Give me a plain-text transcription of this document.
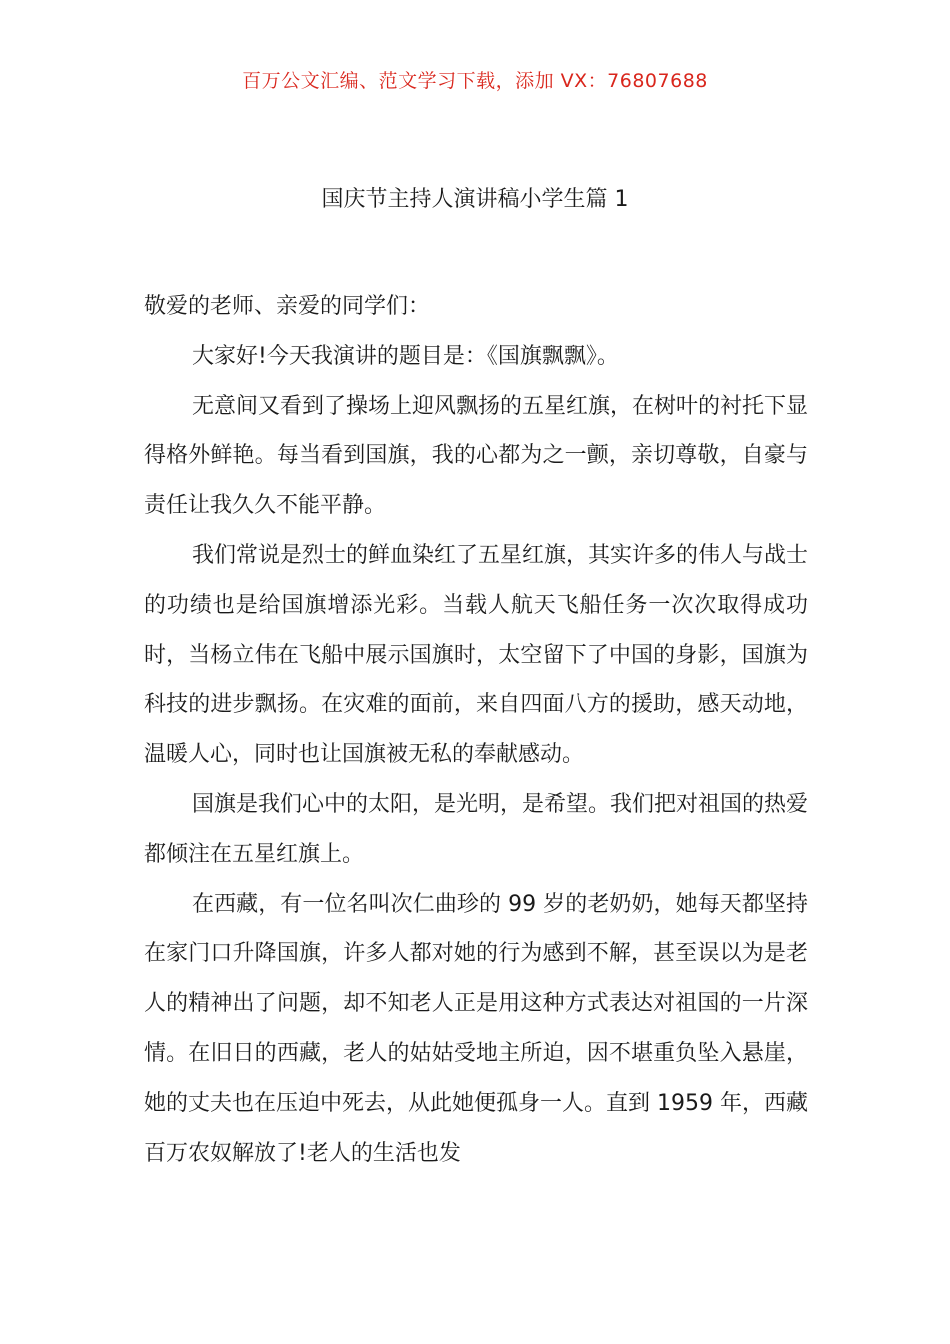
百万公文汇编、范文学习下载，添加 VX：76807688
国庆节主持人演讲稿小学生篇 1

敬爱的老师、亲爱的同学们：

大家好!今天我演讲的题目是：《国旗飘飘》。

无意间又看到了操场上迎风飘扬的五星红旗，在树叶的衬托下显得格外鲜艳。每当看到国旗，我的心都为之一颤，亲切尊敬，自豪与责任让我久久不能平静。

我们常说是烈士的鲜血染红了五星红旗，其实许多的伟人与战士的功绩也是给国旗增添光彩。当载人航天飞船任务一次次取得成功时，当杨立伟在飞船中展示国旗时，太空留下了中国的身影，国旗为科技的进步飘扬。在灾难的面前，来自四面八方的援助，感天动地，温暖人心，同时也让国旗被无私的奉献感动。

国旗是我们心中的太阳，是光明，是希望。我们把对祖国的热爱都倾注在五星红旗上。

在西藏，有一位名叫次仁曲珍的 99 岁的老奶奶，她每天都坚持在家门口升降国旗，许多人都对她的行为感到不解，甚至误以为是老人的精神出了问题，却不知老人正是用这种方式表达对祖国的一片深情。在旧日的西藏，老人的姑姑受地主所迫，因不堪重负坠入悬崖，她的丈夫也在压迫中死去，从此她便孤身一人。直到 1959 年，西藏百万农奴解放了!老人的生活也发
